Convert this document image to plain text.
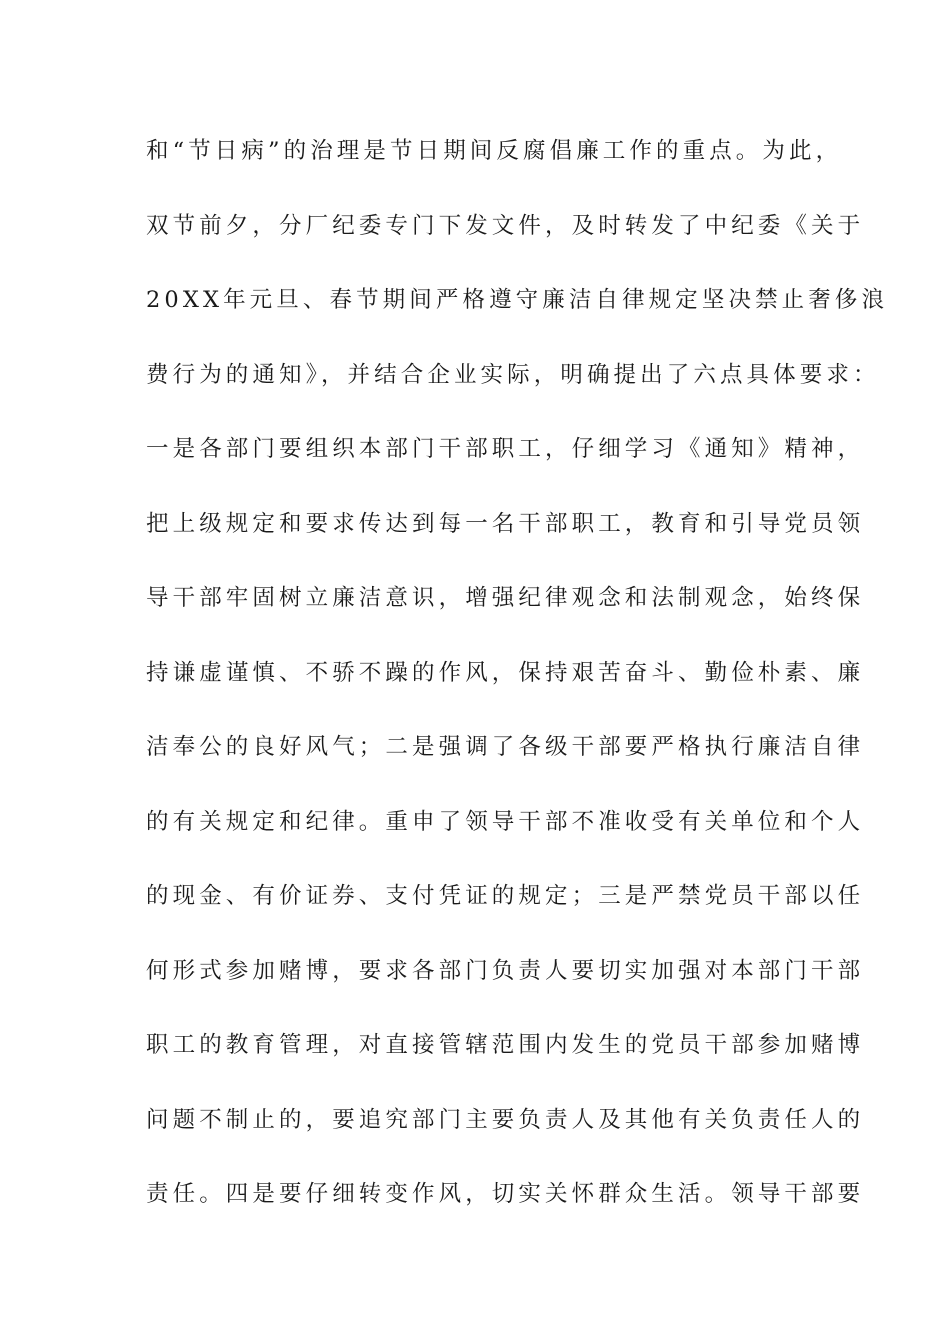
和“节日病”的治理是节日期间反腐倡廉工作的重点。为此，
双节前夕，分厂纪委专门下发文件，及时转发了中纪委《关于
20XX年元旦、春节期间严格遵守廉洁自律规定坚决禁止奢侈浪
费行为的通知》，并结合企业实际，明确提出了六点具体要求：
一是各部门要组织本部门干部职工，仔细学习《通知》精神，
把上级规定和要求传达到每一名干部职工，教育和引导党员领
导干部牢固树立廉洁意识，增强纪律观念和法制观念，始终保
持谦虚谨慎、不骄不躁的作风，保持艰苦奋斗、勤俭朴素、廉
洁奉公的良好风气；二是强调了各级干部要严格执行廉洁自律
的有关规定和纪律。重申了领导干部不准收受有关单位和个人
的现金、有价证券、支付凭证的规定；三是严禁党员干部以任
何形式参加赌博，要求各部门负责人要切实加强对本部门干部
职工的教育管理，对直接管辖范围内发生的党员干部参加赌博
问题不制止的，要追究部门主要负责人及其他有关负责任人的
责任。四是要仔细转变作风，切实关怀群众生活。领导干部要
